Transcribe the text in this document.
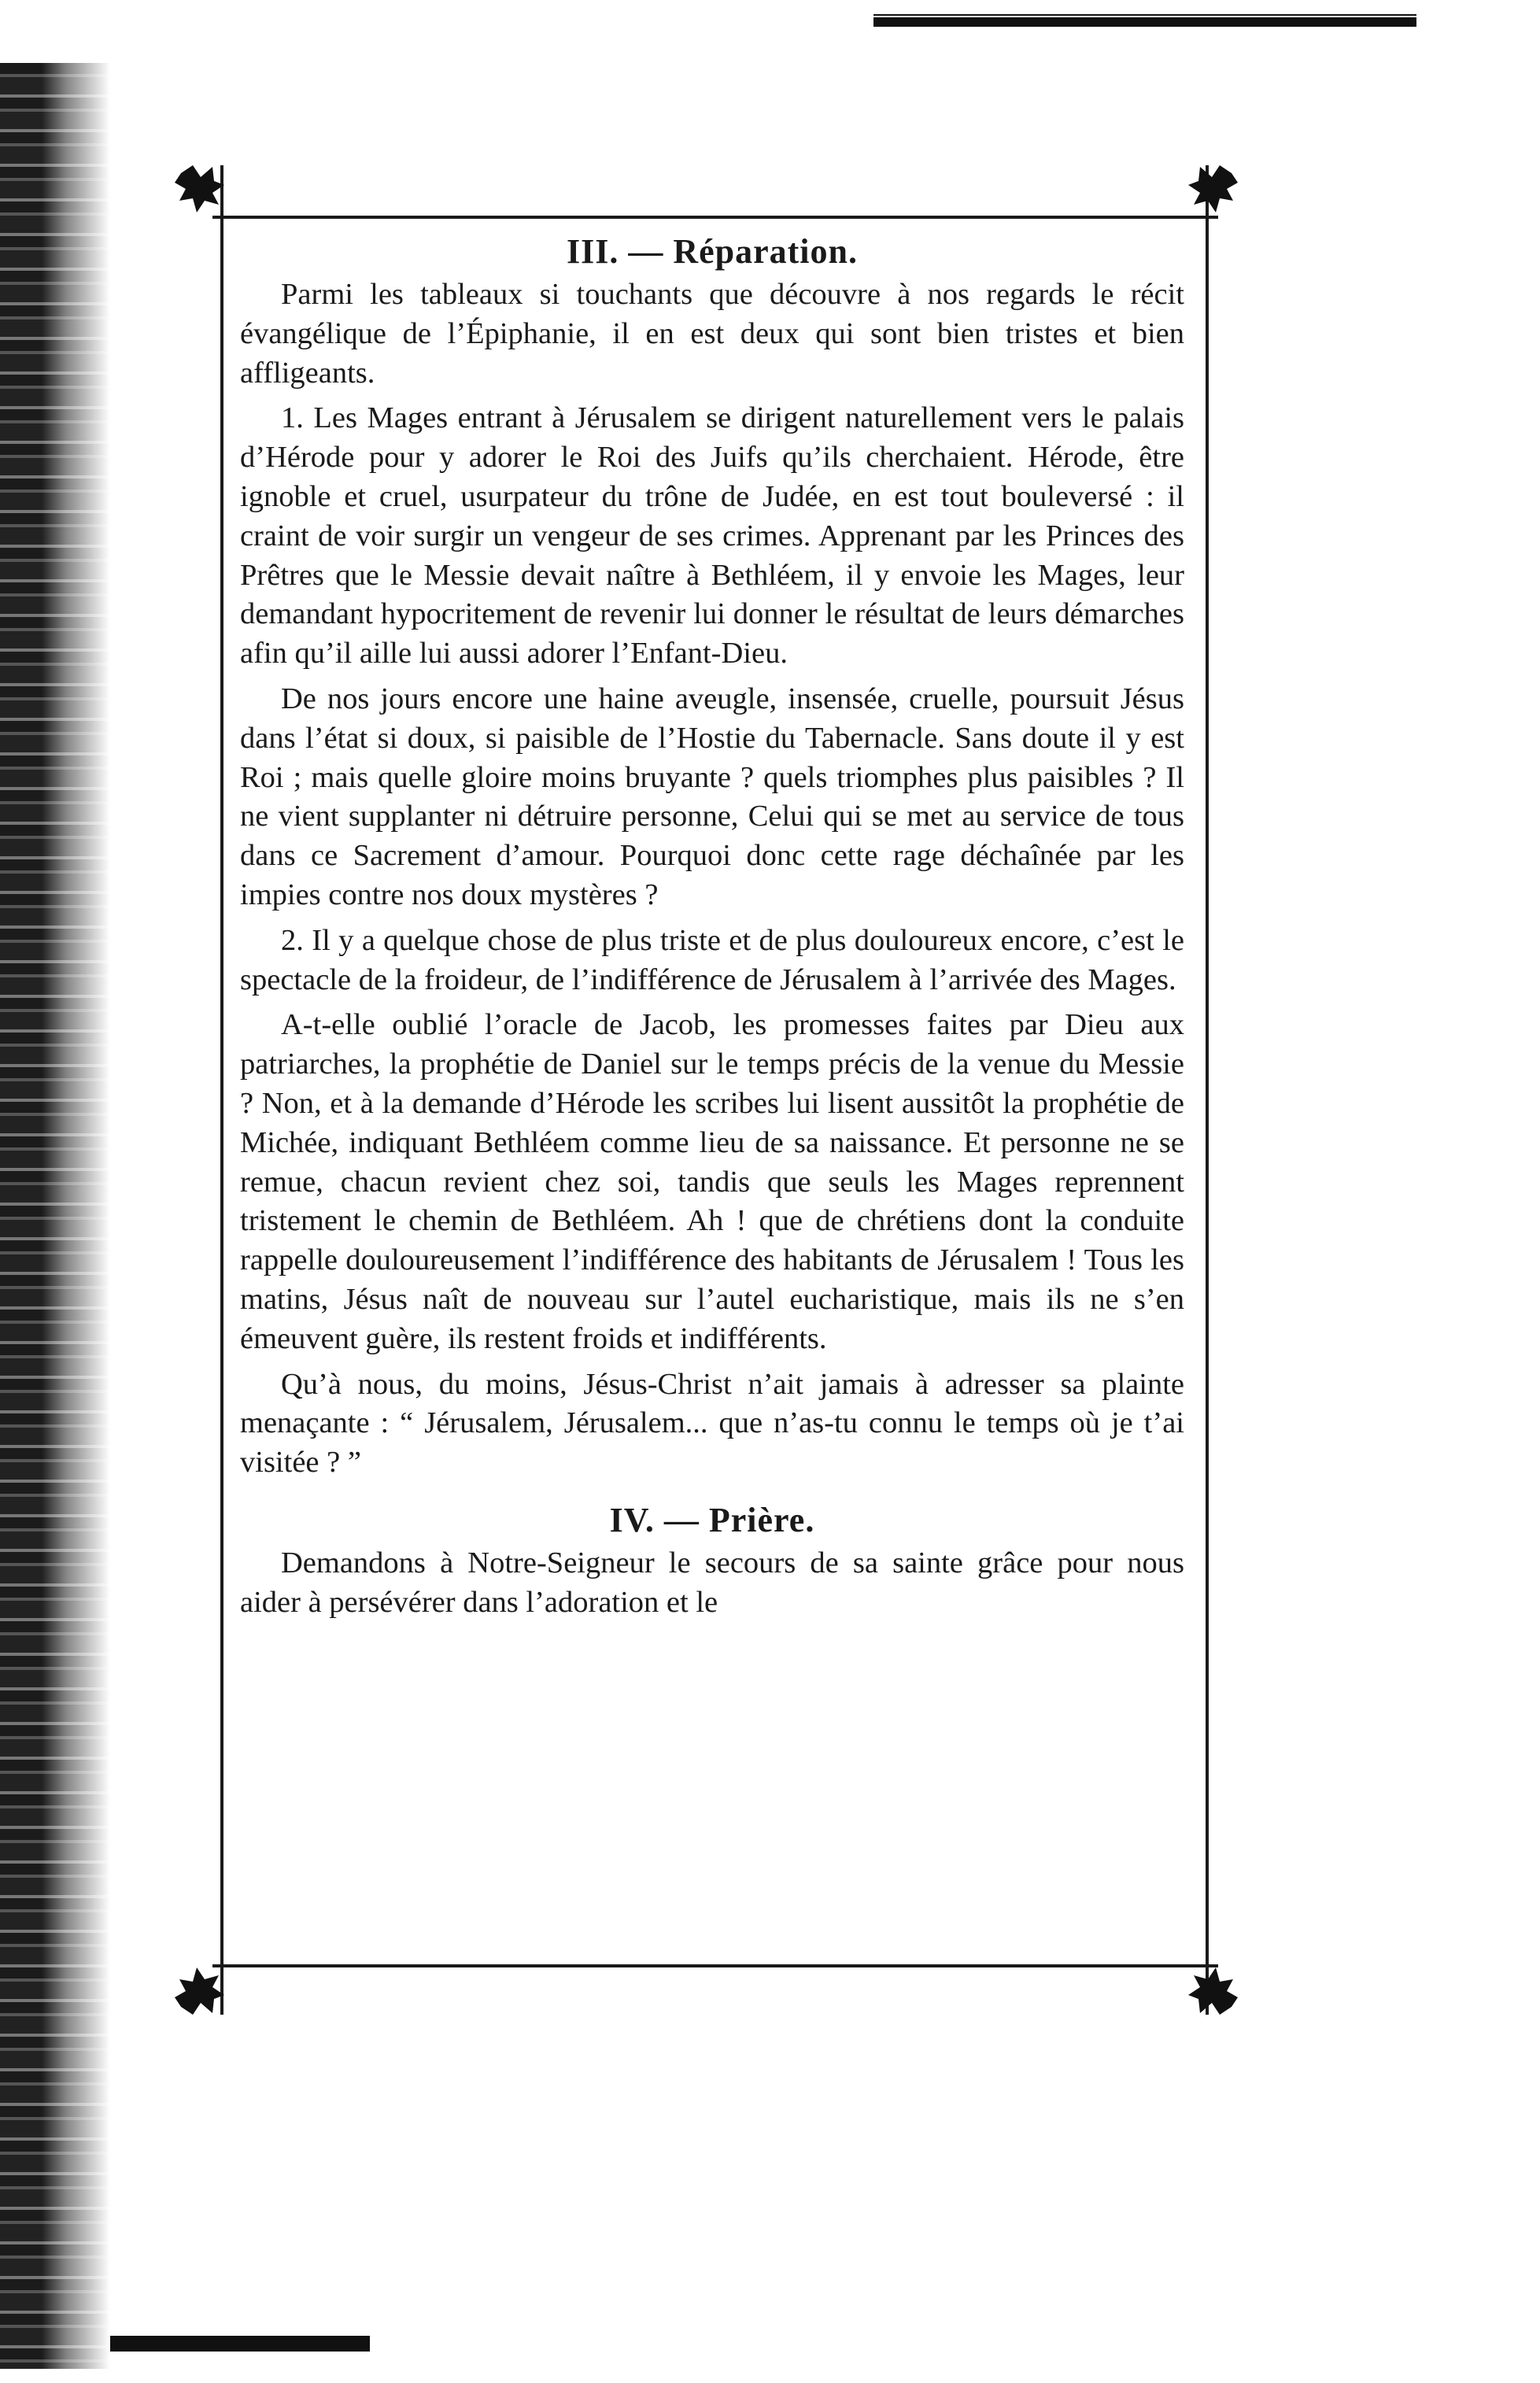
III. — Réparation.

Parmi les tableaux si touchants que découvre à nos regards le récit évangélique de l’Épiphanie, il en est deux qui sont bien tristes et bien affligeants.

1. Les Mages entrant à Jérusalem se dirigent naturellement vers le palais d’Hérode pour y adorer le Roi des Juifs qu’ils cherchaient. Hérode, être ignoble et cruel, usurpateur du trône de Judée, en est tout bouleversé : il craint de voir surgir un vengeur de ses crimes. Apprenant par les Princes des Prêtres que le Messie devait naître à Bethléem, il y envoie les Mages, leur demandant hypocritement de revenir lui donner le résultat de leurs démarches afin qu’il aille lui aussi adorer l’Enfant-Dieu.

De nos jours encore une haine aveugle, insensée, cruelle, poursuit Jésus dans l’état si doux, si paisible de l’Hostie du Tabernacle. Sans doute il y est Roi ; mais quelle gloire moins bruyante ? quels triomphes plus paisibles ? Il ne vient supplanter ni détruire personne, Celui qui se met au service de tous dans ce Sacrement d’amour. Pourquoi donc cette rage déchaînée par les impies contre nos doux mystères ?

2. Il y a quelque chose de plus triste et de plus douloureux encore, c’est le spectacle de la froideur, de l’indifférence de Jérusalem à l’arrivée des Mages.

A-t-elle oublié l’oracle de Jacob, les promesses faites par Dieu aux patriarches, la prophétie de Daniel sur le temps précis de la venue du Messie ? Non, et à la demande d’Hérode les scribes lui lisent aussitôt la prophétie de Michée, indiquant Bethléem comme lieu de sa naissance. Et personne ne se remue, chacun revient chez soi, tandis que seuls les Mages reprennent tristement le chemin de Bethléem. Ah ! que de chrétiens dont la conduite rappelle douloureusement l’indifférence des habitants de Jérusalem ! Tous les matins, Jésus naît de nouveau sur l’autel eucharistique, mais ils ne s’en émeuvent guère, ils restent froids et indifférents.

Qu’à nous, du moins, Jésus-Christ n’ait jamais à adresser sa plainte menaçante : “ Jérusalem, Jérusalem... que n’as-tu connu le temps où je t’ai visitée ? ”

IV. — Prière.

Demandons à Notre-Seigneur le secours de sa sainte grâce pour nous aider à persévérer dans l’adoration et le
